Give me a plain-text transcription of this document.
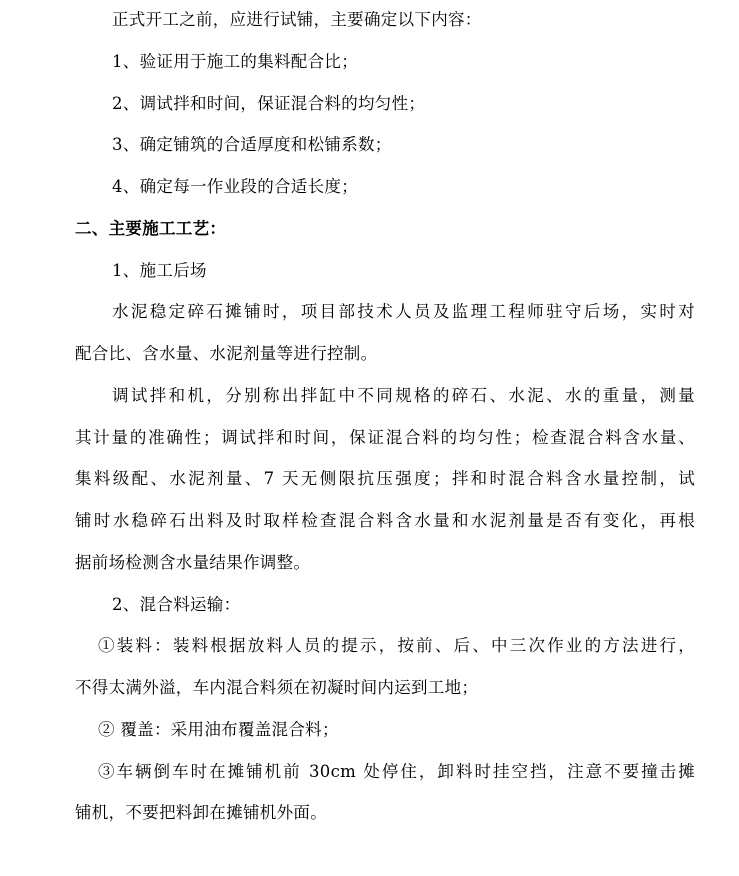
正式开工之前，应进行试铺，主要确定以下内容：
1、验证用于施工的集料配合比；
2、调试拌和时间，保证混合料的均匀性；
3、确定铺筑的合适厚度和松铺系数；
4、确定每一作业段的合适长度；
二、主要施工工艺：
1、施工后场
水泥稳定碎石摊铺时，项目部技术人员及监理工程师驻守后场，实时对
配合比、含水量、水泥剂量等进行控制。
调试拌和机，分别称出拌缸中不同规格的碎石、水泥、水的重量，测量
其计量的准确性；调试拌和时间，保证混合料的均匀性；检查混合料含水量、
集料级配、水泥剂量、7 天无侧限抗压强度；拌和时混合料含水量控制，试
铺时水稳碎石出料及时取样检查混合料含水量和水泥剂量是否有变化，再根
据前场检测含水量结果作调整。
2、混合料运输：
①装料：装料根据放料人员的提示，按前、后、中三次作业的方法进行，
不得太满外溢，车内混合料须在初凝时间内运到工地；
② 覆盖：采用油布覆盖混合料；
③车辆倒车时在摊铺机前 30cm 处停住，卸料时挂空挡，注意不要撞击摊
铺机，不要把料卸在摊铺机外面。
